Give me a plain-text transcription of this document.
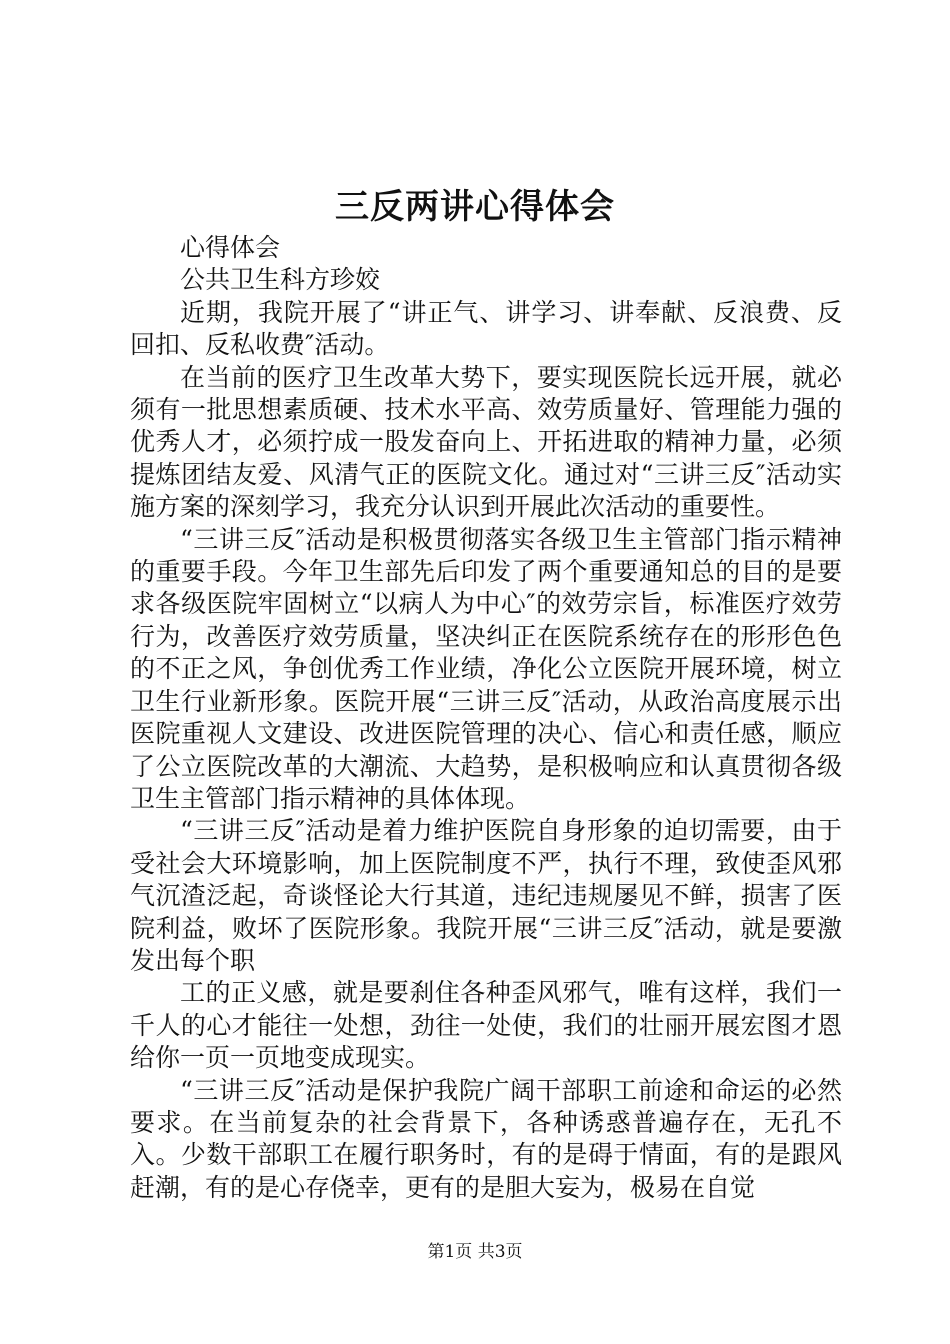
三反两讲心得体会

心得体会

公共卫生科方珍姣

近期，我院开展了“讲正气、讲学习、讲奉献、反浪费、反回扣、反私收费″活动。

在当前的医疗卫生改革大势下，要实现医院长远开展，就必须有一批思想素质硬、技术水平高、效劳质量好、管理能力强的优秀人才，必须拧成一股发奋向上、开拓进取的精神力量，必须提炼团结友爱、风清气正的医院文化。通过对“三讲三反″活动实施方案的深刻学习，我充分认识到开展此次活动的重要性。

“三讲三反″活动是积极贯彻落实各级卫生主管部门指示精神的重要手段。今年卫生部先后印发了两个重要通知总的目的是要求各级医院牢固树立“以病人为中心″的效劳宗旨，标准医疗效劳行为，改善医疗效劳质量，坚决纠正在医院系统存在的形形色色的不正之风，争创优秀工作业绩，净化公立医院开展环境，树立卫生行业新形象。医院开展“三讲三反″活动，从政治高度展示出医院重视人文建设、改进医院管理的决心、信心和责任感，顺应了公立医院改革的大潮流、大趋势，是积极响应和认真贯彻各级卫生主管部门指示精神的具体体现。

“三讲三反″活动是着力维护医院自身形象的迫切需要，由于受社会大环境影响，加上医院制度不严，执行不理，致使歪风邪气沉渣泛起，奇谈怪论大行其道，违纪违规屡见不鲜，损害了医院利益，败坏了医院形象。我院开展“三讲三反″活动，就是要激发出每个职

工的正义感，就是要刹住各种歪风邪气，唯有这样，我们一千人的心才能往一处想，劲往一处使，我们的壮丽开展宏图才恩给你一页一页地变成现实。

“三讲三反″活动是保护我院广阔干部职工前途和命运的必然要求。在当前复杂的社会背景下，各种诱惑普遍存在，无孔不入。少数干部职工在履行职务时，有的是碍于情面，有的是跟风赶潮，有的是心存侥幸，更有的是胆大妄为，极易在自觉

第1页 共3页
